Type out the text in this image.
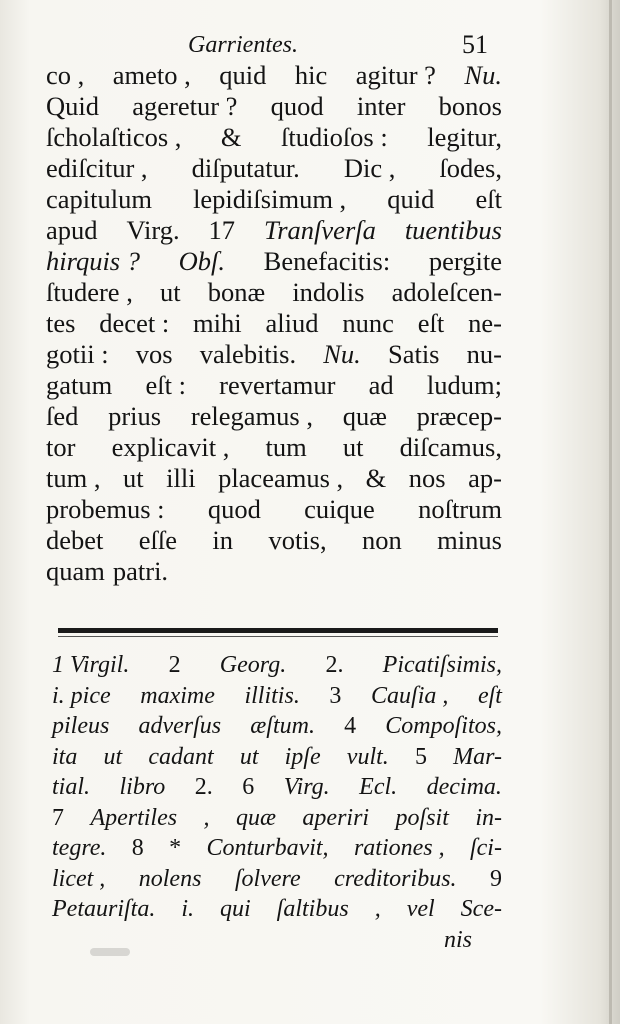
Garrientes.	51
co , ameto , quid hic agitur ? Nu.
Quid ageretur ? quod inter bonos
ſcholaſticos , & ſtudioſos : legitur,
ediſcitur , diſputatur. Dic , ſodes,
capitulum lepidiſsimum , quid eſt
apud Virg. 17 Tranſverſa tuentibus
hirquis ? Obſ. Benefacitis: pergite
ſtudere , ut bonæ indolis adoleſcen-
tes decet : mihi aliud nunc eſt ne-
gotii : vos valebitis. Nu. Satis nu-
gatum eſt : revertamur ad ludum;
ſed prius relegamus , quæ præcep-
tor explicavit , tum ut diſcamus,
tum , ut illi placeamus , & nos ap-
probemus : quod cuique noſtrum
debet eſſe in votis, non minus
quam patri.
1 Virgil. 2 Georg. 2. Picatiſsimis,
i. pice maxime illitis. 3 Cauſia , eſt
pileus adverſus æſtum. 4 Compoſitos,
ita ut cadant ut ipſe vult. 5 Mar-
tial. libro 2. 6 Virg. Ecl. decima.
7 Apertiles , quæ aperiri poſsit in-
tegre. 8 * Conturbavit, rationes , ſci-
licet , nolens ſolvere creditoribus. 9
Petauriſta. i. qui ſaltibus , vel Sce-
nis
